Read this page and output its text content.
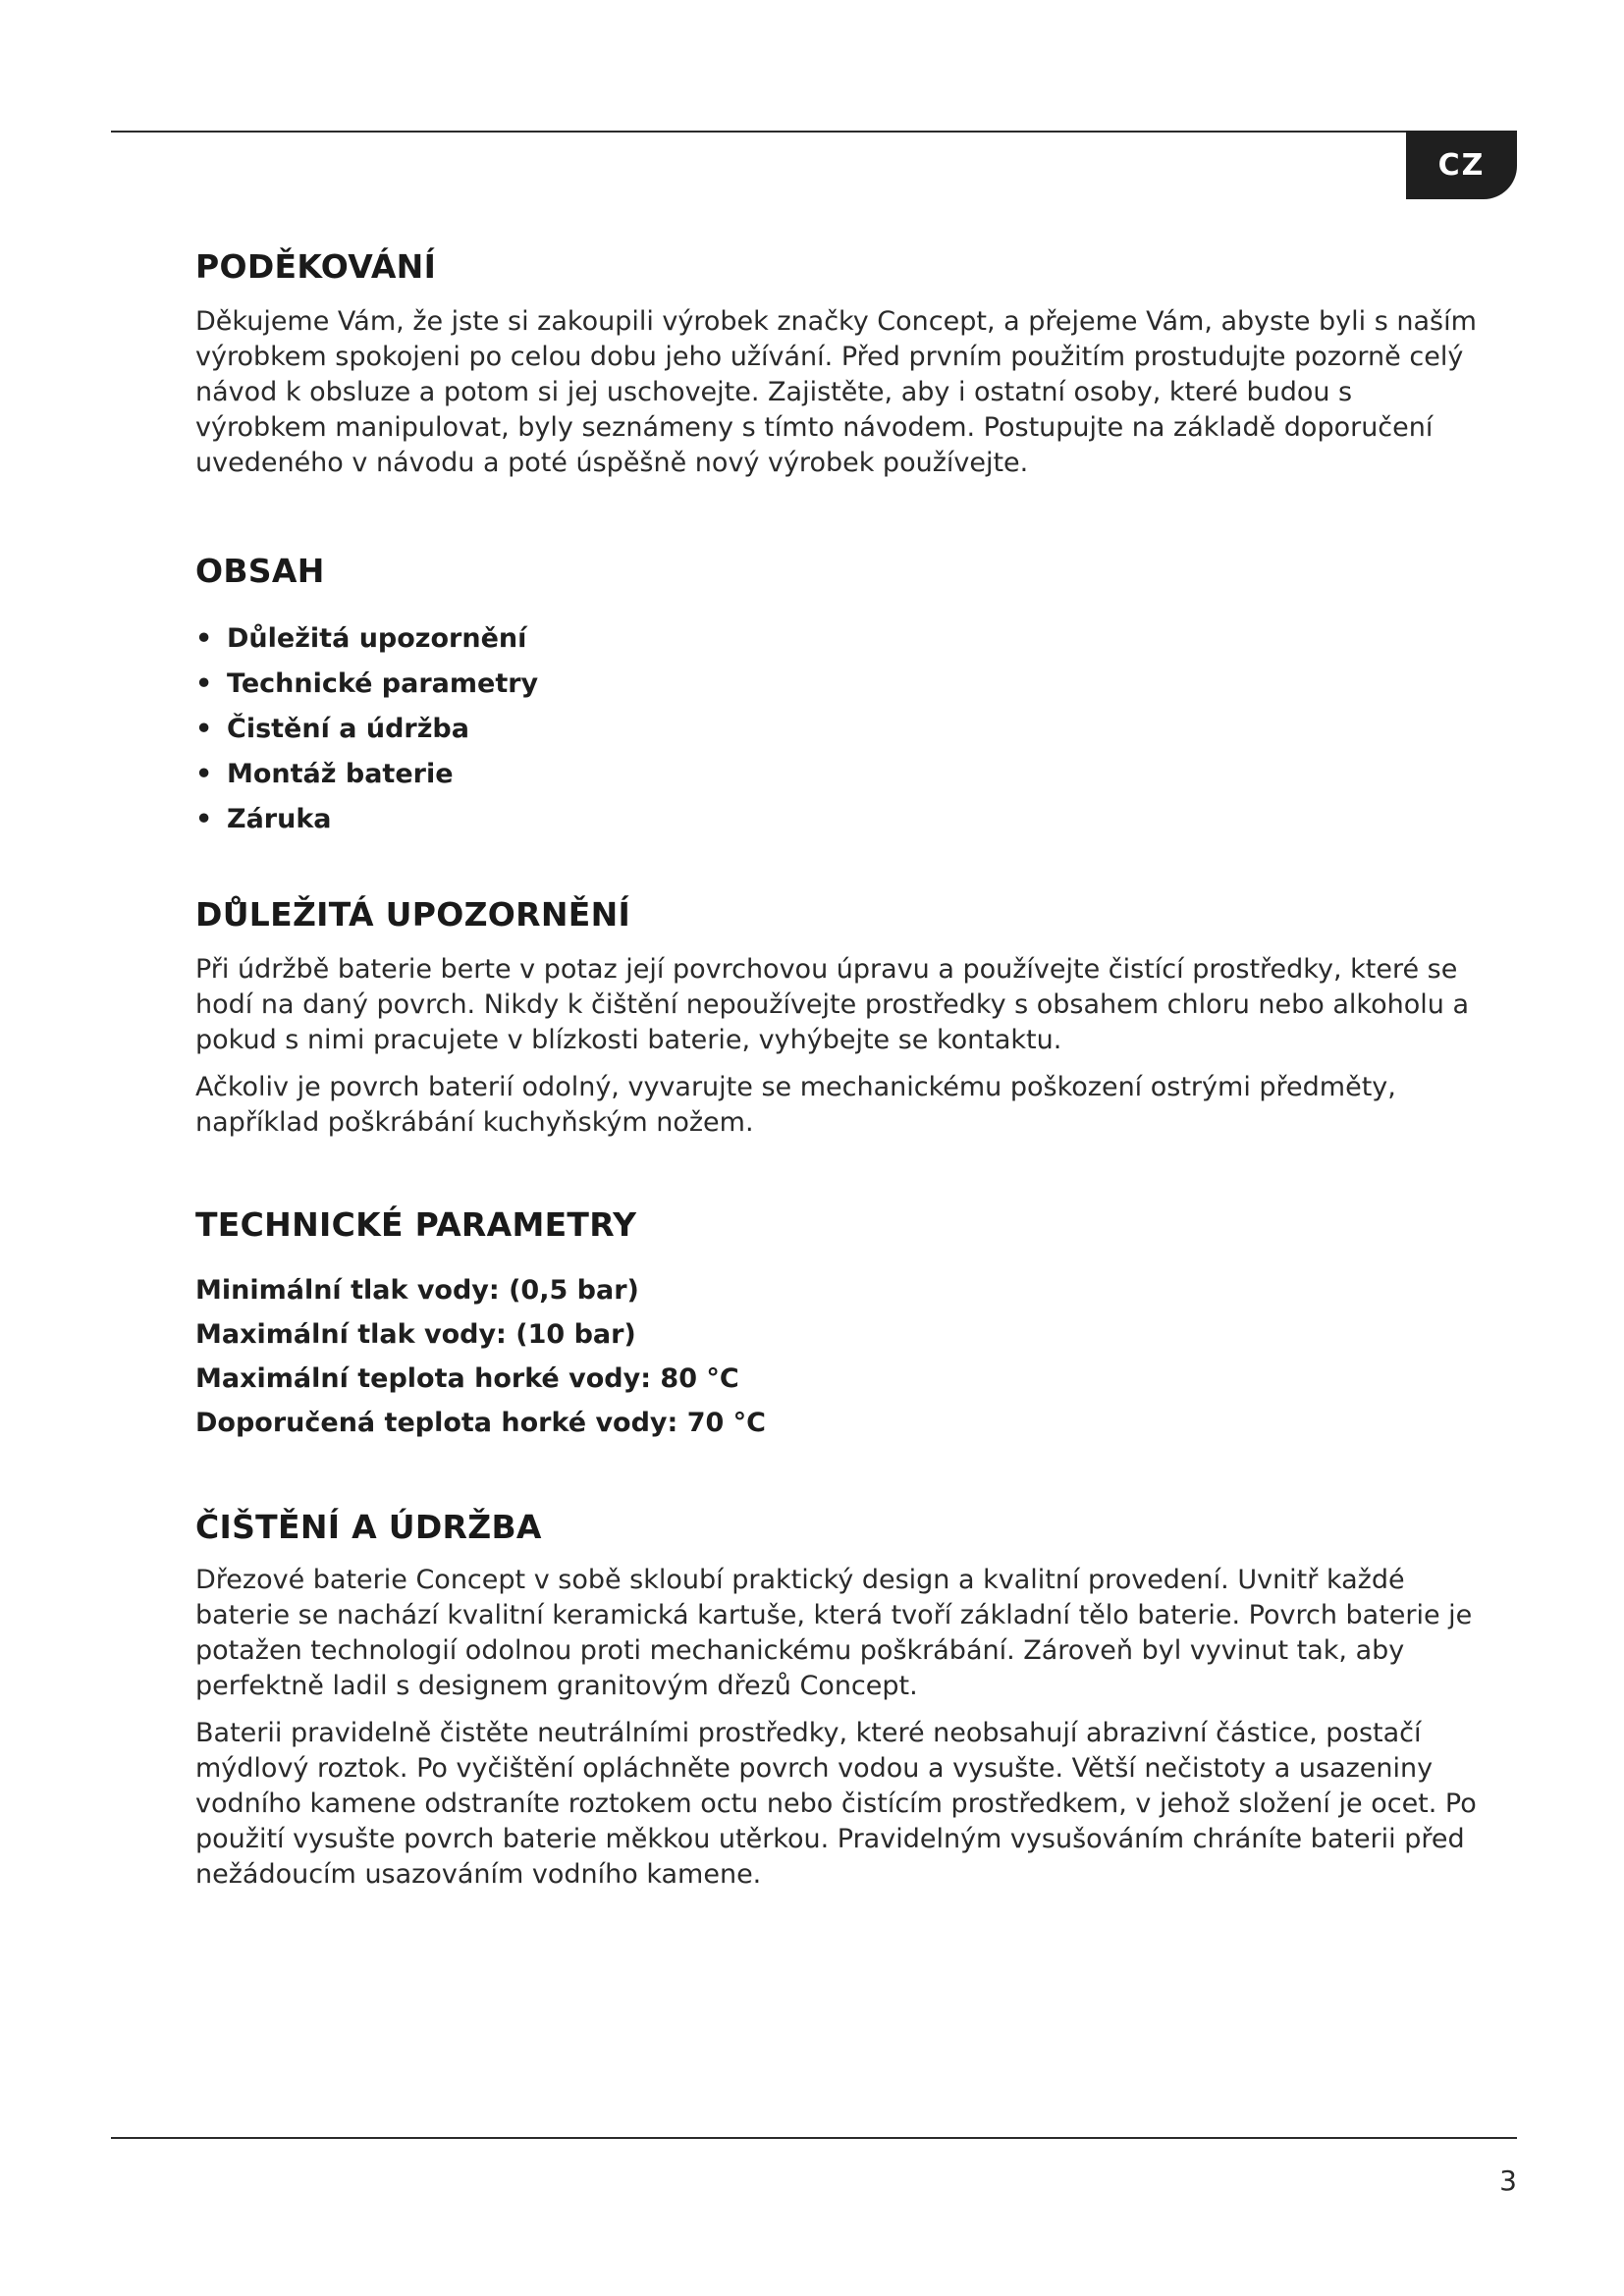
CZ
PODĚKOVÁNÍ

Děkujeme Vám, že jste si zakoupili výrobek značky Concept, a přejeme Vám, abyste byli s naším výrobkem spokojeni po celou dobu jeho užívání. Před prvním použitím prostudujte pozorně celý návod k obsluze a potom si jej uschovejte. Zajistěte, aby i ostatní osoby, které budou s výrobkem manipulovat, byly seznámeny s tímto návodem. Postupujte na základě doporučení uvedeného v návodu a poté úspěšně nový výrobek používejte.

OBSAH
• Důležitá upozornění
• Technické parametry
• Čistění a údržba
• Montáž baterie
• Záruka
DŮLEŽITÁ UPOZORNĚNÍ

Při údržbě baterie berte v potaz její povrchovou úpravu a používejte čistící prostředky, které se hodí na daný povrch. Nikdy k čištění nepoužívejte prostředky s obsahem chloru nebo alkoholu a pokud s nimi pracujete v blízkosti baterie, vyhýbejte se kontaktu.

Ačkoliv je povrch baterií odolný, vyvarujte se mechanickému poškození ostrými předměty, například poškrábání kuchyňským nožem.

TECHNICKÉ PARAMETRY
Minimální tlak vody: (0,5 bar)
Maximální tlak vody: (10 bar)
Maximální teplota horké vody: 80 °C
Doporučená teplota horké vody: 70 °C
ČIŠTĚNÍ A ÚDRŽBA

Dřezové baterie Concept v sobě skloubí praktický design a kvalitní provedení. Uvnitř každé baterie se nachází kvalitní keramická kartuše, která tvoří základní tělo baterie. Povrch baterie je potažen technologií odolnou proti mechanickému poškrábání. Zároveň byl vyvinut tak, aby perfektně ladil s designem granitovým dřezů Concept.

Baterii pravidelně čistěte neutrálními prostředky, které neobsahují abrazivní částice, postačí mýdlový roztok. Po vyčištění opláchněte povrch vodou a vysušte. Větší nečistoty a usazeniny vodního kamene odstraníte roztokem octu nebo čistícím prostředkem, v jehož složení je ocet. Po použití vysušte povrch baterie měkkou utěrkou. Pravidelným vysušováním chráníte baterii před nežádoucím usazováním vodního kamene.

3
